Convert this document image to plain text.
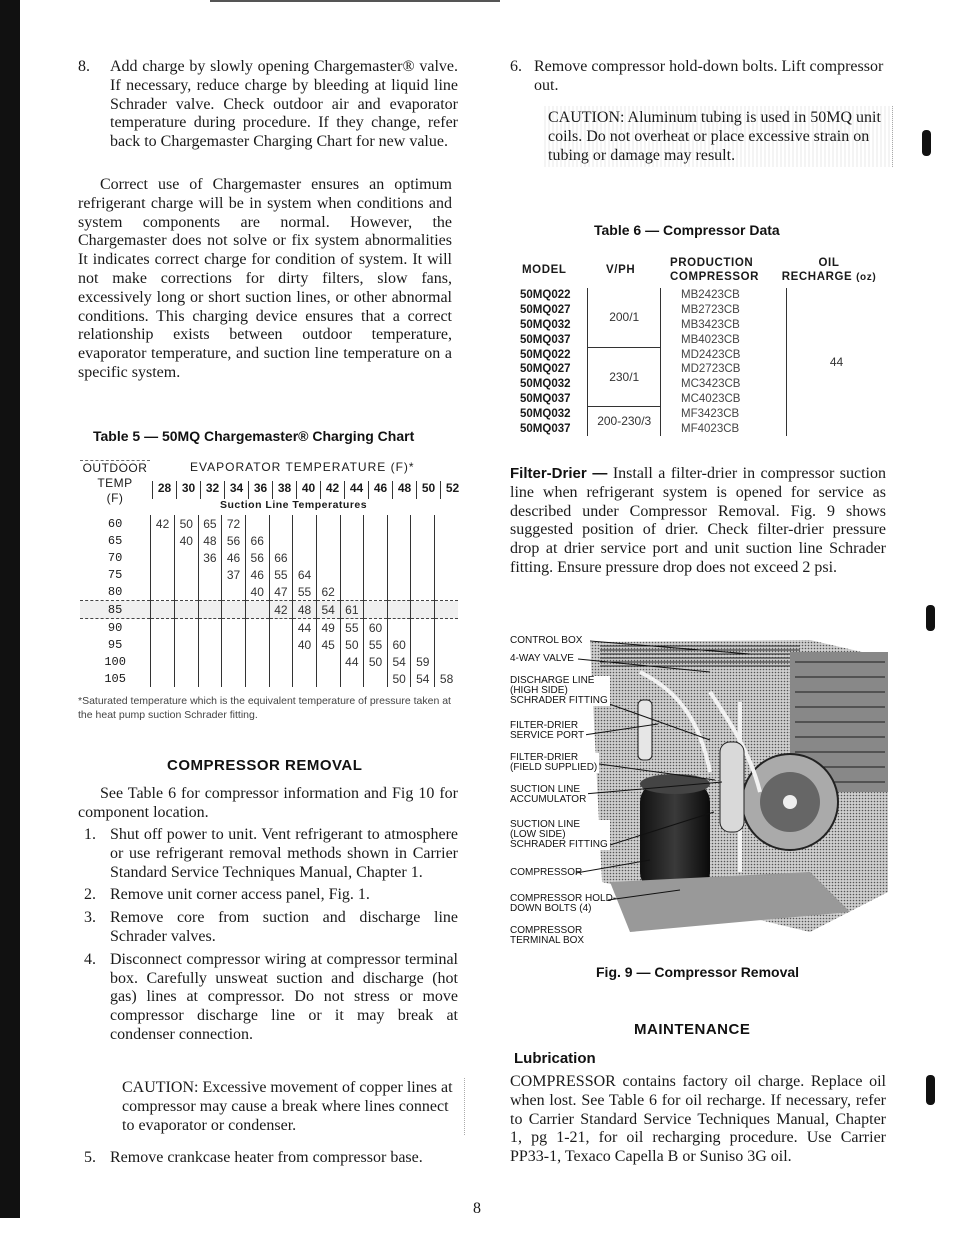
8.	Add charge by slowly opening Chargemaster® valve. If necessary, reduce charge by bleeding at liquid line Schrader valve. Check outdoor air and evaporator temperature during procedure. If they change, refer back to Chargemaster Charging Chart for new value.

Correct use of Chargemaster ensures an optimum refrigerant charge will be in system when conditions and system components are normal. However, the Chargemaster does not solve or fix system abnormalities It indicates correct charge for condition of system. It will not make corrections for dirty filters, slow fans, excessively long or short suction lines, or other abnormal conditions. This charging device ensures that a correct relationship exists between outdoor temperature, evaporator temperature, and suction line temperature on a specific system.

Table 5 — 50MQ Chargemaster® Charging Chart
OUTDOOR
TEMP
(F)
EVAPORATOR TEMPERATURE (F)*
28 30 32 34 36 38 40 42 44 46 48 50 52
Suction Line Temperatures
60	42	50	65	72									
65		40	48	56	66								
70			36	46	56	66							
75				37	46	55	64						
80					40	47	55	62					
85						42	48	54	61				
90							44	49	55	60			
95							40	45	50	55	60		
100									44	50	54	59	
105											50	54	58
*Saturated temperature which is the equivalent temperature of pressure taken at the heat pump suction Schrader fitting.
COMPRESSOR REMOVAL

See Table 6 for compressor information and Fig 10 for component location.

1. Shut off power to unit. Vent refrigerant to atmosphere or use refrigerant removal methods shown in Carrier Standard Service Techniques Manual, Chapter 1.
2. Remove unit corner access panel, Fig. 1.
3. Remove core from suction and discharge line Schrader valves.
4. Disconnect compressor wiring at compressor terminal box. Carefully unsweat suction and discharge (hot gas) lines at compressor. Do not stress or move compressor discharge line or it may break at condenser connection.
CAUTION: Excessive movement of copper lines at compressor may cause a break where lines connect to evaporator or condenser.
5. Remove crankcase heater from compressor base.
6. Remove compressor hold-down bolts. Lift compressor out.
CAUTION: Aluminum tubing is used in 50MQ unit coils. Do not overheat or place excessive strain on tubing or damage may result.
Table 6 — Compressor Data
MODEL	V/PH
PRODUCTION
COMPRESSOR
OIL
RECHARGE (oz)
50MQ022	200/1	MB2423CB	44
50MQ027		MB2723CB	
50MQ032		MB3423CB	
50MQ037		MB4023CB	
50MQ022	230/1	MD2423CB	
50MQ027		MD2723CB	
50MQ032		MC3423CB	
50MQ037		MC4023CB	
50MQ032	200-230/3	MF3423CB	
50MQ037		MF4023CB	

Filter-Drier — Install a filter-drier in compressor suction line when refrigerant system is opened for service as described under Compressor Removal. Fig. 9 shows suggested position of drier. Check filter-drier pressure drop at drier service port and unit suction line Schrader fitting. Ensure pressure drop does not exceed 2 psi.

Fig. 9 — Compressor Removal
MAINTENANCE
Lubrication

COMPRESSOR contains factory oil charge. Replace oil when lost. See Table 6 for oil recharge. If necessary, refer to Carrier Standard Service Techniques Manual, Chapter 1, pg 1-21, for oil recharging procedure. Use Carrier PP33-1, Texaco Capella B or Suniso 3G oil.

CONTROL BOX
4-WAY VALVE
DISCHARGE LINE
(HIGH SIDE)
SCHRADER FITTING
FILTER-DRIER
SERVICE PORT
FILTER-DRIER
(FIELD SUPPLIED)
SUCTION LINE
ACCUMULATOR
SUCTION LINE
(LOW SIDE)
SCHRADER FITTING
COMPRESSOR
COMPRESSOR HOLD-
DOWN BOLTS (4)
COMPRESSOR
TERMINAL BOX
8
